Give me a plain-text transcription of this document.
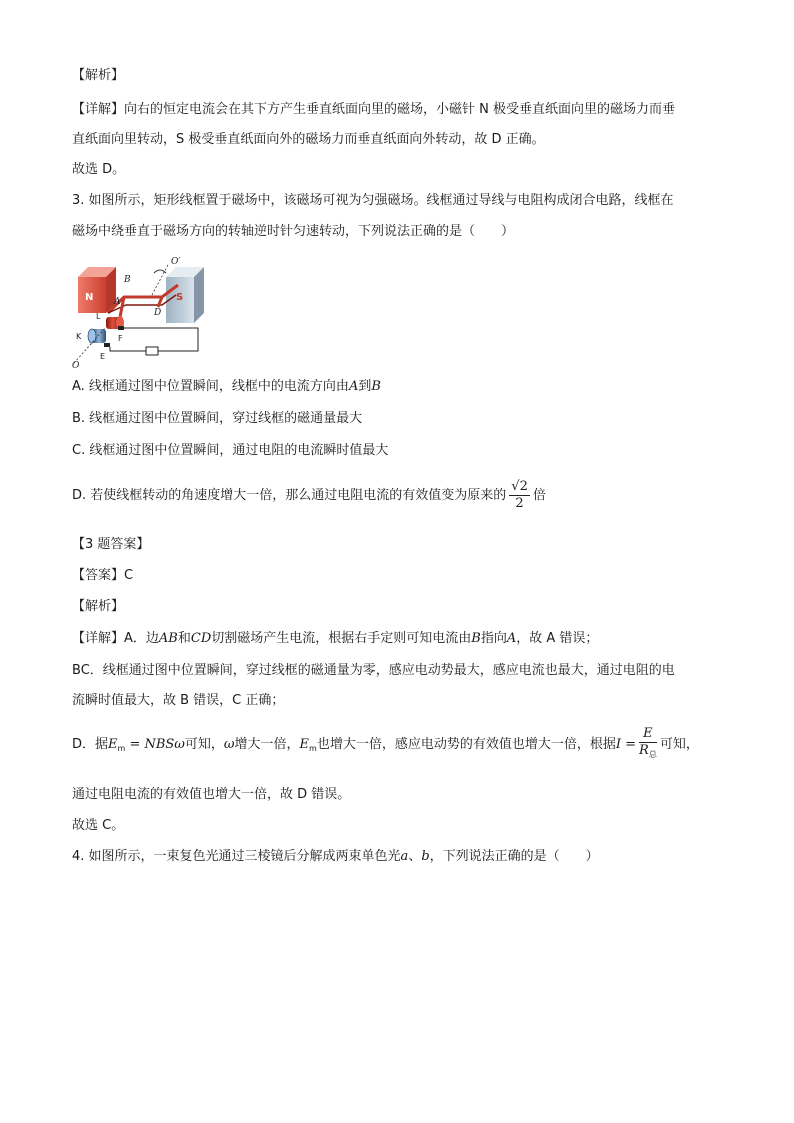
【解析】
【详解】向右的恒定电流会在其下方产生垂直纸面向里的磁场，小磁针 N 极受垂直纸面向里的磁场力而垂
直纸面向里转动，S 极受垂直纸面向外的磁场力而垂直纸面向外转动，故 D 正确。
故选 D。
3. 如图所示，矩形线框置于磁场中，该磁场可视为匀强磁场。线框通过导线与电阻构成闭合电路，线框在
磁场中绕垂直于磁场方向的转轴逆时针匀速转动，下列说法正确的是（　　）
N	S
B
A
D
O′
O
L
K
E
F
A. 线框通过图中位置瞬间，线框中的电流方向由A到B
B. 线框通过图中位置瞬间，穿过线框的磁通量最大
C. 线框通过图中位置瞬间，通过电阻的电流瞬时值最大
D. 若使线框转动的角速度增大一倍，那么通过电阻电流的有效值变为原来的 $\frac{√2}{2}$ 倍
【3 题答案】
【答案】C
【解析】
【详解】A．边AB和CD切割磁场产生电流，根据右手定则可知电流由B指向A，故 A 错误；
BC．线框通过图中位置瞬间，穿过线框的磁通量为零，感应电动势最大，感应电流也最大，通过电阻的电
流瞬时值最大，故 B 错误，C 正确；
D．据$E_m = NBS\omega$可知，ω增大一倍，$E_m$也增大一倍，感应电动势的有效值也增大一倍，根据$I = \frac{E}{R_总}$ 可知，
通过电阻电流的有效值也增大一倍，故 D 错误。
故选 C。
4. 如图所示，一束复色光通过三棱镜后分解成两束单色光a、b，下列说法正确的是（　　）
